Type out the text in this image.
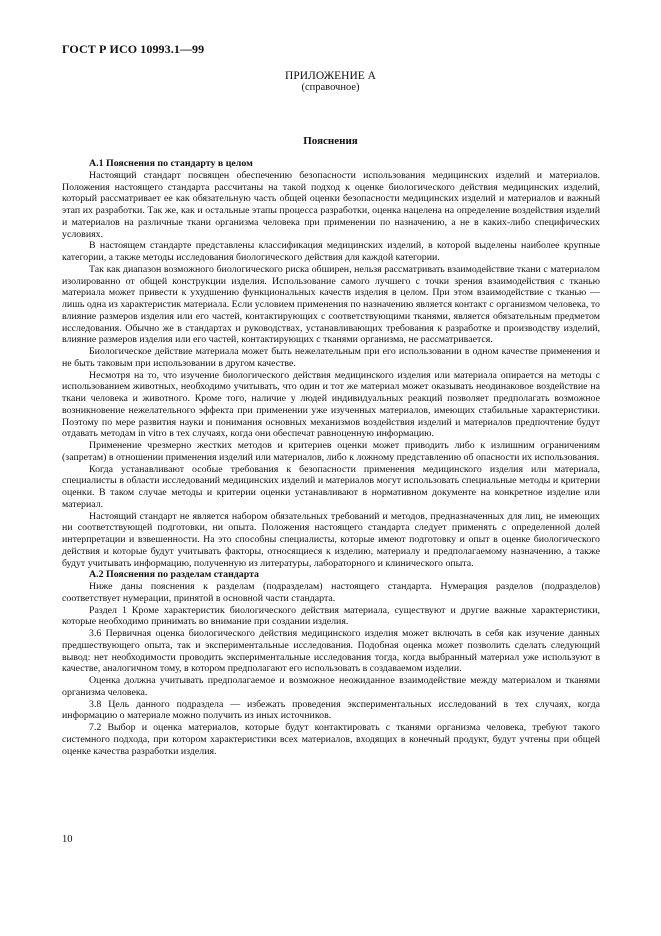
ГОСТ Р ИСО 10993.1—99
ПРИЛОЖЕНИЕ А
(справочное)
Пояснения
А.1 Пояснения по стандарту в целом

Настоящий стандарт посвящен обеспечению безопасности использования медицинских изделий и материалов. Положения настоящего стандарта рассчитаны на такой подход к оценке биологического действия медицинских изделий, который рассматривает ее как обязательную часть общей оценки безопасности медицинских изделий и материалов и важный этап их разработки. Так же, как и остальные этапы процесса разработки, оценка нацелена на определение воздействия изделий и материалов на различные ткани организма человека при применении по назначению, а не в каких-либо специфических условиях.

В настоящем стандарте представлены классификация медицинских изделий, в которой выделены наиболее крупные категории, а также методы исследования биологического действия для каждой категории.

Так как диапазон возможного биологического риска обширен, нельзя рассматривать взаимодействие ткани с материалом изолированно от общей конструкции изделия. Использование самого лучшего с точки зрения взаимодействия с тканью материала может привести к ухудшению функциональных качеств изделия в целом. При этом взаимодействие с тканью — лишь одна из характеристик материала. Если условием применения по назначению является контакт с организмом человека, то влияние размеров изделия или его частей, контактирующих с соответствующими тканями, является обязательным предметом исследования. Обычно же в стандартах и руководствах, устанавливающих требования к разработке и производству изделий, влияние размеров изделия или его частей, контактирующих с тканями организма, не рассматривается.

Биологическое действие материала может быть нежелательным при его использовании в одном качестве применения и не быть таковым при использовании в другом качестве.

Несмотря на то, что изучение биологического действия медицинского изделия или материала опирается на методы с использованием животных, необходимо учитывать, что один и тот же материал может оказывать неодинаковое воздействие на ткани человека и животного. Кроме того, наличие у людей индивидуальных реакций позволяет предполагать возможное возникновение нежелательного эффекта при применении уже изученных материалов, имеющих стабильные характеристики. Поэтому по мере развития науки и понимания основных механизмов воздействия изделий и материалов предпочтение будут отдавать методам in vitro в тех случаях, когда они обеспечат равноценную информацию.

Применение чрезмерно жестких методов и критериев оценки может приводить либо к излишним ограничениям (запретам) в отношении применения изделий или материалов, либо к ложному представлению об опасности их использования.

Когда устанавливают особые требования к безопасности применения медицинского изделия или материала, специалисты в области исследований медицинских изделий и материалов могут использовать специальные методы и критерии оценки. В таком случае методы и критерии оценки устанавливают в нормативном документе на конкретное изделие или материал.

Настоящий стандарт не является набором обязательных требований и методов, предназначенных для лиц, не имеющих ни соответствующей подготовки, ни опыта. Положения настоящего стандарта следует применять с определенной долей интерпретации и взвешенности. На это способны специалисты, которые имеют подготовку и опыт в оценке биологического действия и которые будут учитывать факторы, относящиеся к изделию, материалу и предполагаемому назначению, а также будут учитывать информацию, полученную из литературы, лабораторного и клинического опыта.

А.2 Пояснения по разделам стандарта

Ниже даны пояснения к разделам (подразделам) настоящего стандарта. Нумерация разделов (подразделов) соответствует нумерации, принятой в основной части стандарта.

Раздел 1 Кроме характеристик биологического действия материала, существуют и другие важные характеристики, которые необходимо принимать во внимание при создании изделия.

3.6 Первичная оценка биологического действия медицинского изделия может включать в себя как изучение данных предшествующего опыта, так и экспериментальные исследования. Подобная оценка может позволить сделать следующий вывод: нет необходимости проводить экспериментальные исследования тогда, когда выбранный материал уже используют в качестве, аналогичном тому, в котором предполагают его использовать в создаваемом изделии.

Оценка должна учитывать предполагаемое и возможное неожиданное взаимодействие между материалом и тканями организма человека.

3.8 Цель данного подраздела — избежать проведения экспериментальных исследований в тех случаях, когда информацию о материале можно получить из иных источников.

7.2 Выбор и оценка материалов, которые будут контактировать с тканями организма человека, требуют такого системного подхода, при котором характеристики всех материалов, входящих в конечный продукт, будут учтены при общей оценке качества разработки изделия.

10
